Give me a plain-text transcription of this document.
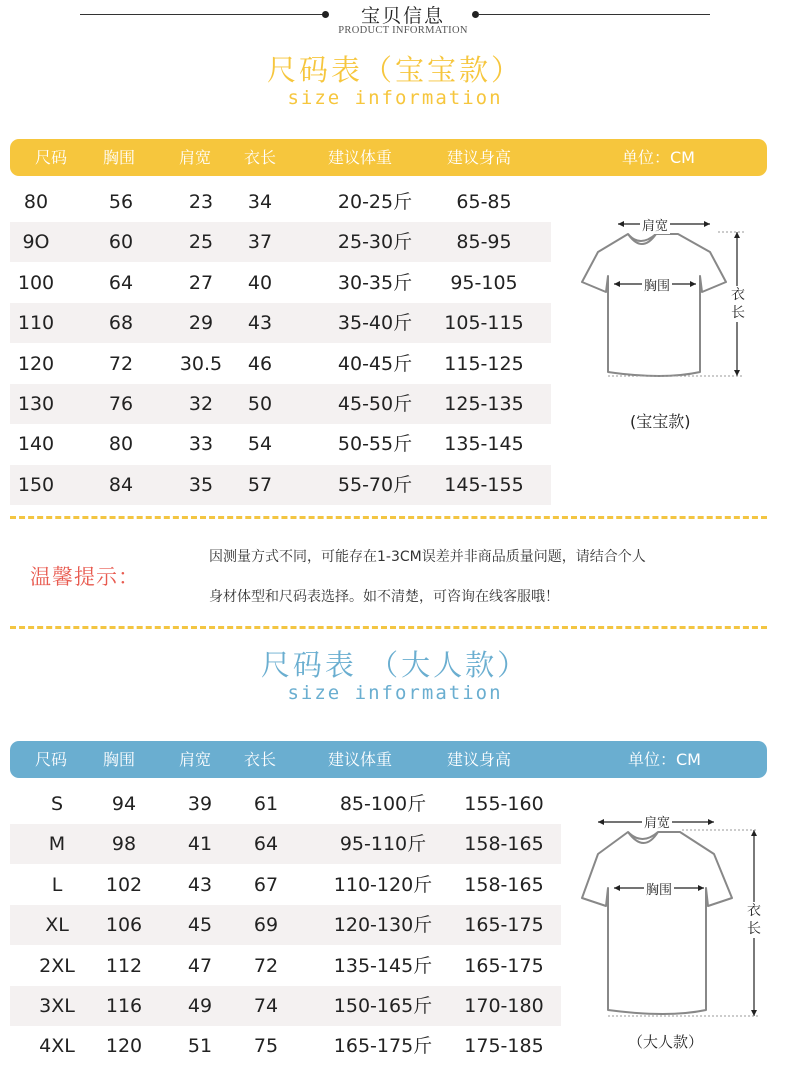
宝贝信息
PRODUCT INFORMATION
尺码表（宝宝款）
size information
尺码 胸围	肩宽 衣长	建议体重	建议身高	单位：CM
80	56	23	34	20-25斤	65-85
9O	60	25	37	25-30斤	85-95
100	64	27	40	30-35斤	95-105
110	68	29	43	35-40斤	105-115
120	72	30.5	46	40-45斤	115-125
130	76	32	50	45-50斤	125-135
140	80	33	54	50-55斤	135-145
150	84	35	57	55-70斤	145-155
肩宽
胸围
衣长
(宝宝款)
温馨提示：
因测量方式不同，可能存在1-3CM误差并非商品质量问题，请结合个人
身材体型和尺码表选择。如不清楚，可咨询在线客服哦！
尺码表 （大人款）
size information
尺码 胸围	肩宽 衣长	建议体重	建议身高	单位：CM
S	94	39	61	85-100斤	155-160
M	98	41	64	95-110斤	158-165
L	102	43	67	110-120斤	158-165
XL	106	45	69	120-130斤	165-175
2XL	112	47	72	135-145斤	165-175
3XL	116	49	74	150-165斤	170-180
4XL	120	51	75	165-175斤	175-185
肩宽
胸围
衣长
（大人款）
